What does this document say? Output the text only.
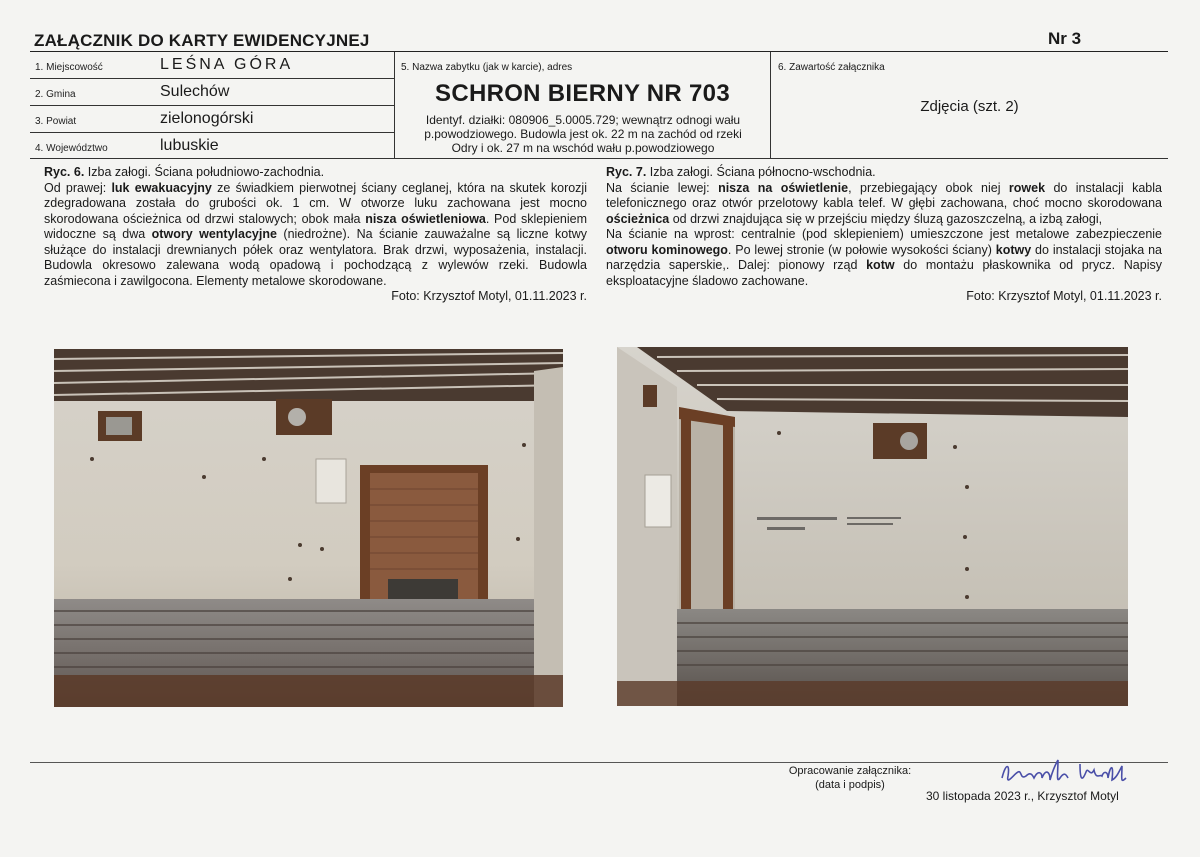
ZAŁĄCZNIK DO KARTY EWIDENCYJNEJ	Nr 3
1. Miejscowość	LEŚNA GÓRA
2. Gmina	Sulechów
3. Powiat	zielonogórski
4. Województwo	lubuskie
5. Nazwa zabytku (jak w karcie), adres
SCHRON BIERNY NR 703
Identyf. działki: 080906_5.0005.729; wewnątrz odnogi wału
p.powodziowego. Budowla jest ok. 22 m na zachód od rzeki
Odry i ok. 27 m na wschód wału p.powodziowego
6. Zawartość załącznika
Zdjęcia (szt. 2)

Ryc. 6. Izba załogi. Ściana południowo-zachodnia.

Od prawej: luk ewakuacyjny ze świadkiem pierwotnej ściany ceglanej, która na skutek korozji zdegradowana została do grubości ok. 1 cm. W otworze luku zachowana jest mocno skorodowana ościeżnica od drzwi stalowych; obok mała nisza oświetleniowa. Pod sklepieniem widoczne są dwa otwory wentylacyjne (niedrożne). Na ścianie zauważalne są liczne kotwy służące do instalacji drewnianych półek oraz wentylatora. Brak drzwi, wyposażenia, instalacji. Budowla okresowo zalewana wodą opadową i pochodzącą z wylewów rzeki. Budowla zaśmiecona i zawilgocona. Elementy metalowe skorodowane.

Foto: Krzysztof Motyl, 01.11.2023 r.

Ryc. 7. Izba załogi. Ściana północno-wschodnia.

Na ścianie lewej: nisza na oświetlenie, przebiegający obok niej rowek do instalacji kabla telefonicznego oraz otwór przelotowy kabla telef. W głębi zachowana, choć mocno skorodowana ościeżnica od drzwi znajdująca się w przejściu między śluzą gazoszczelną, a izbą załogi,

Na ścianie na wprost: centralnie (pod sklepieniem) umieszczone jest metalowe zabezpieczenie otworu kominowego. Po lewej stronie (w połowie wysokości ściany) kotwy do instalacji stojaka na narzędzia saperskie,. Dalej: pionowy rząd kotw do montażu płaskownika od prycz. Napisy eksploatacyjne śladowo zachowane.

Foto: Krzysztof Motyl, 01.11.2023 r.

Opracowanie załącznika:
(data i podpis)
30 listopada 2023 r., Krzysztof Motyl
